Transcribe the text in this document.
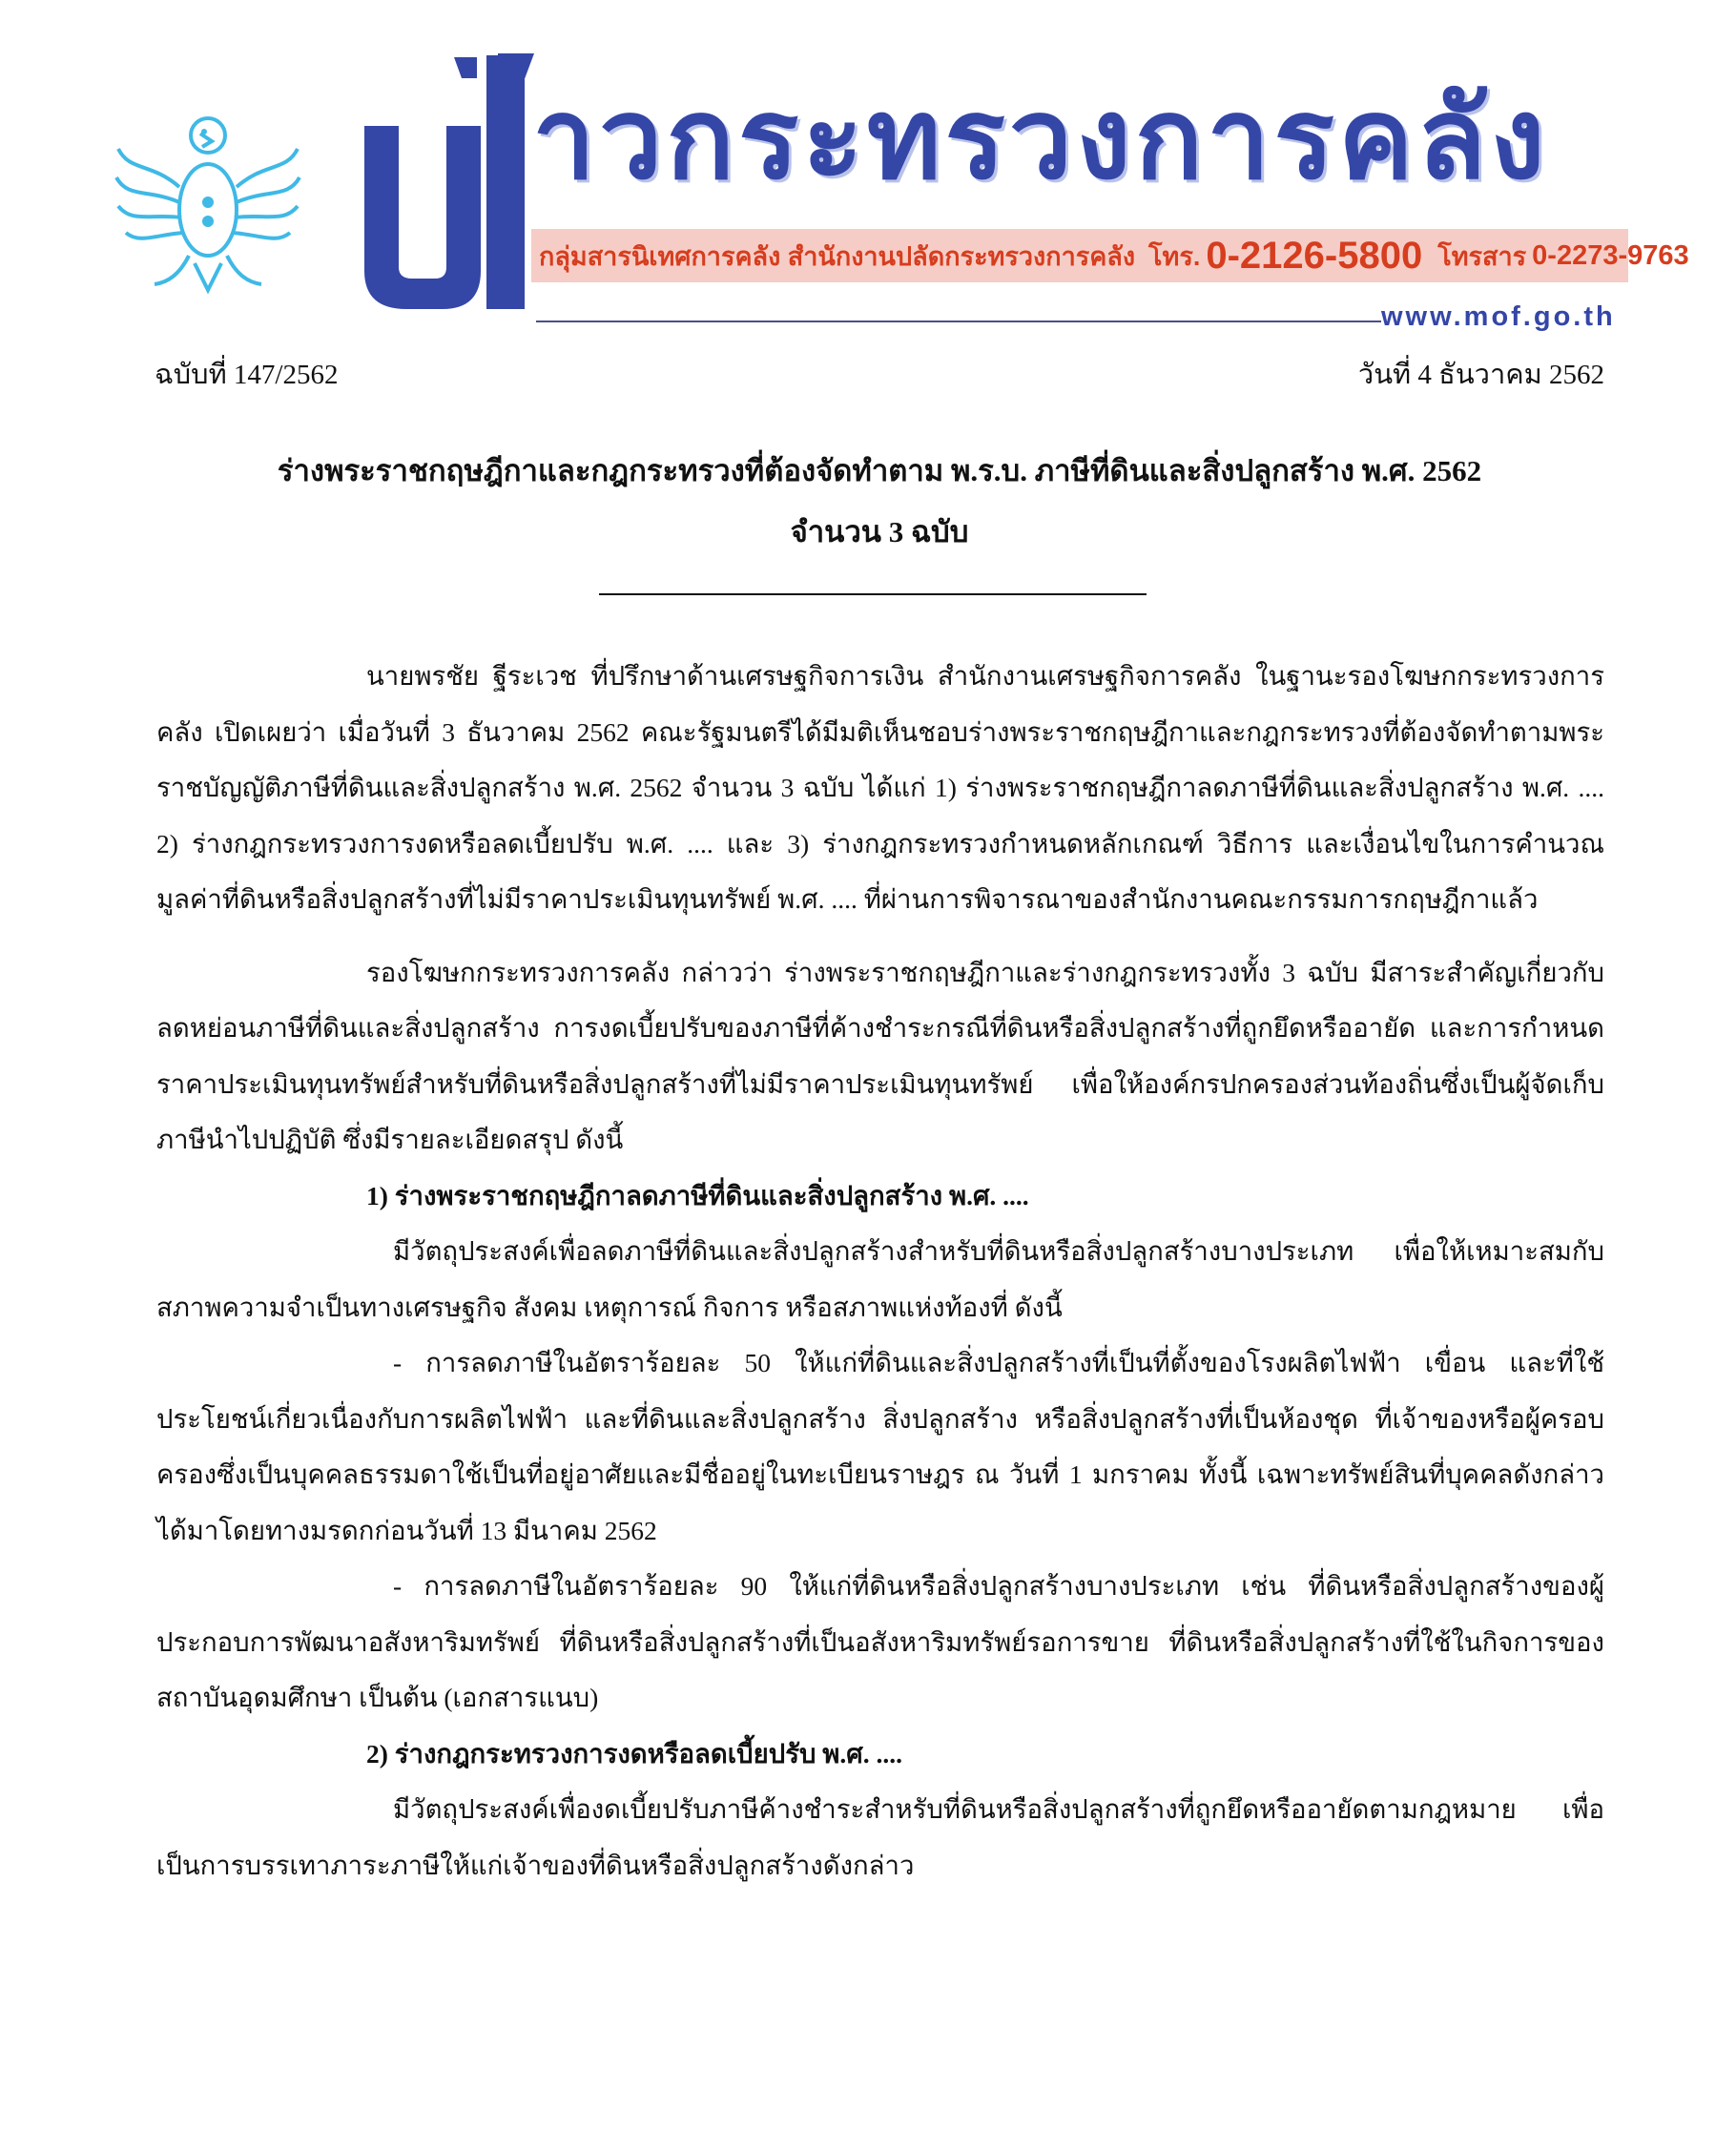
าวกระทรวงการคลัง
กลุ่มสารนิเทศการคลัง สำนักงานปลัดกระทรวงการคลัง โทร. 0-2126-5800 โทรสาร 0-2273-9763
www.mof.go.th
ฉบับที่ 147/2562	วันที่ 4 ธันวาคม 2562
ร่างพระราชกฤษฎีกาและกฎกระทรวงที่ต้องจัดทำตาม พ.ร.บ. ภาษีที่ดินและสิ่งปลูกสร้าง พ.ศ. 2562
จำนวน 3 ฉบับ

นายพรชัย ฐีระเวช ที่ปรึกษาด้านเศรษฐกิจการเงิน สำนักงานเศรษฐกิจการคลัง ในฐานะรองโฆษกกระทรวงการคลัง เปิดเผยว่า เมื่อวันที่ 3 ธันวาคม 2562 คณะรัฐมนตรีได้มีมติเห็นชอบร่างพระราชกฤษฎีกาและกฎกระทรวงที่ต้องจัดทำตามพระราชบัญญัติภาษีที่ดินและสิ่งปลูกสร้าง พ.ศ. 2562 จำนวน 3 ฉบับ ได้แก่ 1) ร่างพระราชกฤษฎีกาลดภาษีที่ดินและสิ่งปลูกสร้าง พ.ศ. .... 2) ร่างกฎกระทรวงการงดหรือลดเบี้ยปรับ พ.ศ. .... และ 3) ร่างกฎกระทรวงกำหนดหลักเกณฑ์ วิธีการ และเงื่อนไขในการคำนวณมูลค่าที่ดินหรือสิ่งปลูกสร้างที่ไม่มีราคาประเมินทุนทรัพย์ พ.ศ. .... ที่ผ่านการพิจารณาของสำนักงานคณะกรรมการกฤษฎีกาแล้ว

รองโฆษกกระทรวงการคลัง กล่าวว่า ร่างพระราชกฤษฎีกาและร่างกฎกระทรวงทั้ง 3 ฉบับ มีสาระสำคัญเกี่ยวกับลดหย่อนภาษีที่ดินและสิ่งปลูกสร้าง การงดเบี้ยปรับของภาษีที่ค้างชำระกรณีที่ดินหรือสิ่งปลูกสร้างที่ถูกยึดหรืออายัด และการกำหนดราคาประเมินทุนทรัพย์สำหรับที่ดินหรือสิ่งปลูกสร้างที่ไม่มีราคาประเมินทุนทรัพย์ เพื่อให้องค์กรปกครองส่วนท้องถิ่นซึ่งเป็นผู้จัดเก็บภาษีนำไปปฏิบัติ ซึ่งมีรายละเอียดสรุป ดังนี้

1) ร่างพระราชกฤษฎีกาลดภาษีที่ดินและสิ่งปลูกสร้าง พ.ศ. ....

มีวัตถุประสงค์เพื่อลดภาษีที่ดินและสิ่งปลูกสร้างสำหรับที่ดินหรือสิ่งปลูกสร้างบางประเภท เพื่อให้เหมาะสมกับสภาพความจำเป็นทางเศรษฐกิจ สังคม เหตุการณ์ กิจการ หรือสภาพแห่งท้องที่ ดังนี้

- การลดภาษีในอัตราร้อยละ 50 ให้แก่ที่ดินและสิ่งปลูกสร้างที่เป็นที่ตั้งของโรงผลิตไฟฟ้า เขื่อน และที่ใช้ประโยชน์เกี่ยวเนื่องกับการผลิตไฟฟ้า และที่ดินและสิ่งปลูกสร้าง สิ่งปลูกสร้าง หรือสิ่งปลูกสร้างที่เป็นห้องชุด ที่เจ้าของหรือผู้ครอบครองซึ่งเป็นบุคคลธรรมดาใช้เป็นที่อยู่อาศัยและมีชื่ออยู่ในทะเบียนราษฎร ณ วันที่ 1 มกราคม ทั้งนี้ เฉพาะทรัพย์สินที่บุคคลดังกล่าวได้มาโดยทางมรดกก่อนวันที่ 13 มีนาคม 2562

- การลดภาษีในอัตราร้อยละ 90 ให้แก่ที่ดินหรือสิ่งปลูกสร้างบางประเภท เช่น ที่ดินหรือสิ่งปลูกสร้างของผู้ประกอบการพัฒนาอสังหาริมทรัพย์ ที่ดินหรือสิ่งปลูกสร้างที่เป็นอสังหาริมทรัพย์รอการขาย ที่ดินหรือสิ่งปลูกสร้างที่ใช้ในกิจการของสถาบันอุดมศึกษา เป็นต้น (เอกสารแนบ)

2) ร่างกฎกระทรวงการงดหรือลดเบี้ยปรับ พ.ศ. ....

มีวัตถุประสงค์เพื่องดเบี้ยปรับภาษีค้างชำระสำหรับที่ดินหรือสิ่งปลูกสร้างที่ถูกยึดหรืออายัดตามกฎหมาย เพื่อเป็นการบรรเทาภาระภาษีให้แก่เจ้าของที่ดินหรือสิ่งปลูกสร้างดังกล่าว
